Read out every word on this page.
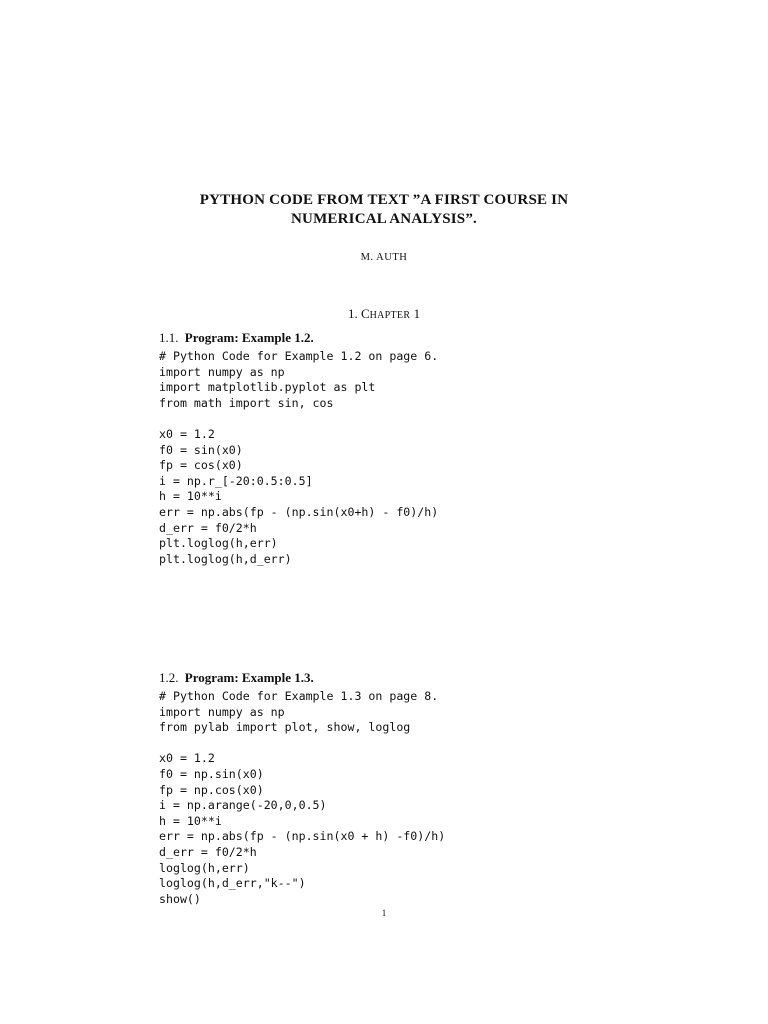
PYTHON CODE FROM TEXT ”A FIRST COURSE IN
NUMERICAL ANALYSIS”.
M. AUTH
1. CHAPTER 1
1.1. Program: Example 1.2.
# Python Code for Example 1.2 on page 6.
import numpy as np
import matplotlib.pyplot as plt
from math import sin, cos
x0 = 1.2
f0 = sin(x0)
fp = cos(x0)
i = np.r_[-20:0.5:0.5]
h = 10**i
err = np.abs(fp - (np.sin(x0+h) - f0)/h)
d_err = f0/2*h
plt.loglog(h,err)
plt.loglog(h,d_err)
1.2. Program: Example 1.3.
# Python Code for Example 1.3 on page 8.
import numpy as np
from pylab import plot, show, loglog
x0 = 1.2
f0 = np.sin(x0)
fp = np.cos(x0)
i = np.arange(-20,0,0.5)
h = 10**i
err = np.abs(fp - (np.sin(x0 + h) -f0)/h)
d_err = f0/2*h
loglog(h,err)
loglog(h,d_err,"k--")
show()
1
